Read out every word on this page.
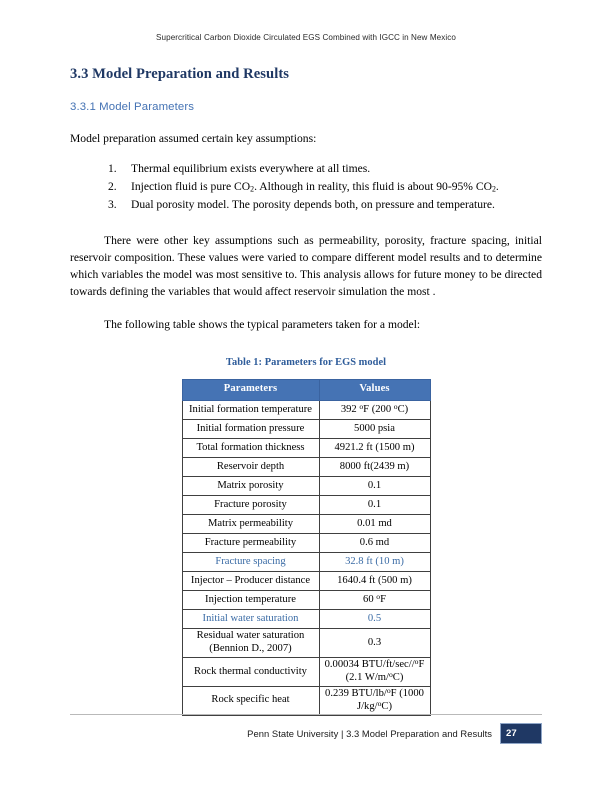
Supercritical Carbon Dioxide Circulated EGS Combined with IGCC in New Mexico
3.3 Model Preparation and Results
3.3.1 Model Parameters

Model preparation assumed certain key assumptions:

Thermal equilibrium exists everywhere at all times.
Injection fluid is pure $CO_2$. Although in reality, this fluid is about 90-95% $CO_2$.
Dual porosity model. The porosity depends both, on pressure and temperature.

There were other key assumptions such as permeability, porosity, fracture spacing, initial reservoir composition. These values were varied to compare different model results and to determine which variables the model was most sensitive to. This analysis allows for future money to be directed towards defining the variables that would affect reservoir simulation the most .

The following table shows the typical parameters taken for a model:

Table 1: Parameters for EGS model
Parameters	Values
Initial formation temperature	392 $^o$F (200 $^o$C)
Initial formation pressure	5000 psia
Total formation thickness	4921.2 ft (1500 m)
Reservoir depth	8000 ft(2439 m)
Matrix porosity	0.1
Fracture porosity	0.1
Matrix permeability	0.01 md
Fracture permeability	0.6 md
Fracture spacing	32.8 ft (10 m)
Injector – Producer distance	1640.4 ft (500 m)
Injection temperature	60 $^o$F
Initial water saturation	0.5
Residual water saturation (Bennion D., 2007)	0.3
Rock thermal conductivity	0.00034 BTU/ft/sec//$^o$F (2.1 W/m/$^o$C)
Rock specific heat	0.239 BTU/lb/$^o$F (1000 J/kg/$^o$C)
Penn State University | 3.3 Model Preparation and Results	27
